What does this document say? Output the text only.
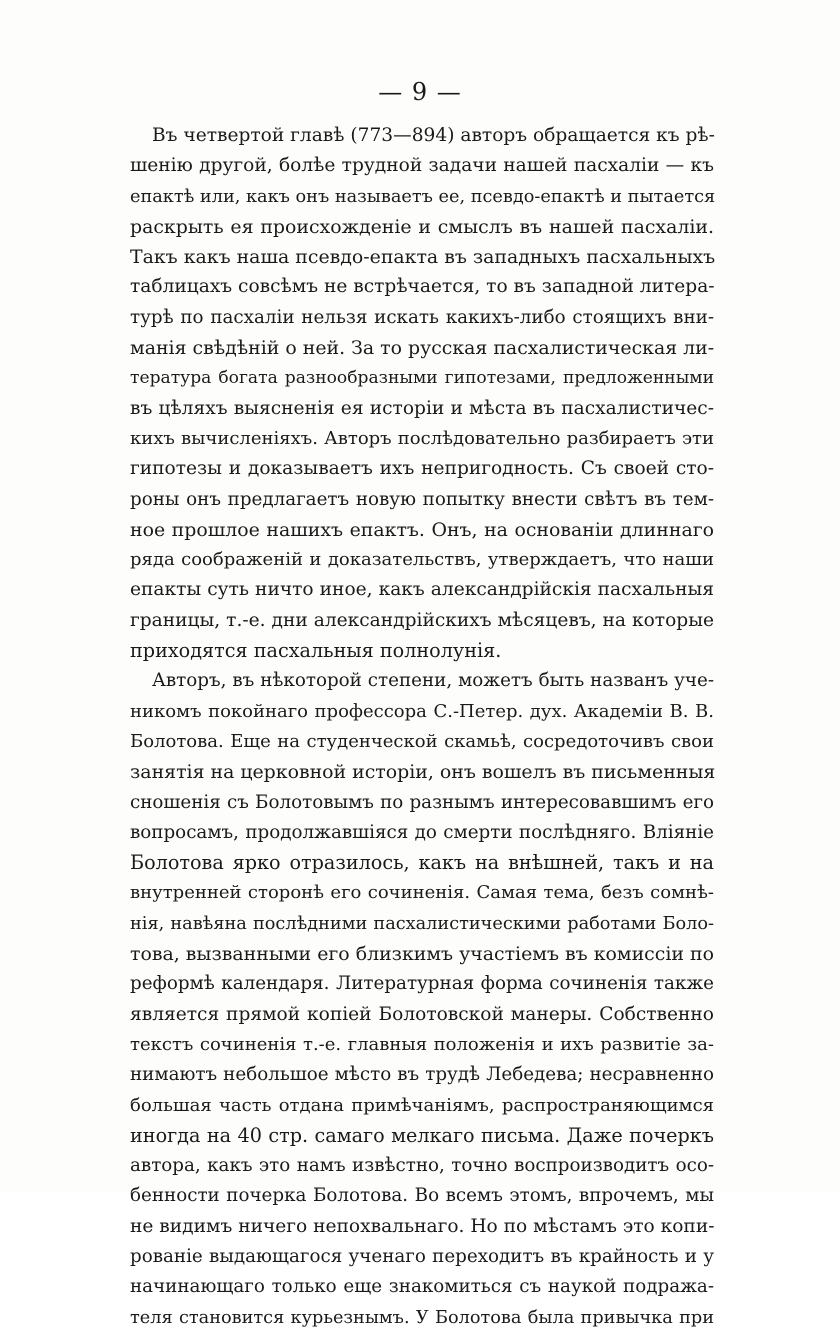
— 9 —
Въ четвертой главѣ (773—894) авторъ обращается къ рѣ-
шенію другой, болѣе трудной задачи нашей пасхаліи — къ
епактѣ или, какъ онъ называетъ ее, псевдо-епактѣ и пытается
раскрыть ея происхожденіе и смыслъ въ нашей пасхаліи.
Такъ какъ наша псевдо-епакта въ западныхъ пасхальныхъ
таблицахъ совсѣмъ не встрѣчается, то въ западной литера-
турѣ по пасхаліи нельзя искать какихъ-либо стоящихъ вни-
манія свѣдѣній о ней. За то русская пасхалистическая ли-
тература богата разнообразными гипотезами, предложенными
въ цѣляхъ выясненія ея исторіи и мѣста въ пасхалистичес-
кихъ вычисленіяхъ. Авторъ послѣдовательно разбираетъ эти
гипотезы и доказываетъ ихъ непригодность. Съ своей сто-
роны онъ предлагаетъ новую попытку внести свѣтъ въ тем-
ное прошлое нашихъ епактъ. Онъ, на основаніи длиннаго
ряда соображеній и доказательствъ, утверждаетъ, что наши
епакты суть ничто иное, какъ александрійскія пасхальныя
границы, т.-е. дни александрійскихъ мѣсяцевъ, на которые
приходятся пасхальныя полнолунія.
Авторъ, въ нѣкоторой степени, можетъ быть названъ уче-
никомъ покойнаго профессора С.-Петер. дух. Академіи В. В.
Болотова. Еще на студенческой скамьѣ, сосредоточивъ свои
занятія на церковной исторіи, онъ вошелъ въ письменныя
сношенія съ Болотовымъ по разнымъ интересовавшимъ его
вопросамъ, продолжавшіяся до смерти послѣдняго. Вліяніе
Болотова ярко отразилось, какъ на внѣшней, такъ и на
внутренней сторонѣ его сочиненія. Самая тема, безъ сомнѣ-
нія, навѣяна послѣдними пасхалистическими работами Боло-
това, вызванными его близкимъ участіемъ въ комиссіи по
реформѣ календаря. Литературная форма сочиненія также
является прямой копіей Болотовской манеры. Собственно
текстъ сочиненія т.-е. главныя положенія и ихъ развитіе за-
нимаютъ небольшое мѣсто въ трудѣ Лебедева; несравненно
большая часть отдана примѣчаніямъ, распространяющимся
иногда на 40 стр. самаго мелкаго письма. Даже почеркъ
автора, какъ это намъ извѣстно, точно воспроизводитъ осо-
бенности почерка Болотова. Во всемъ этомъ, впрочемъ, мы
не видимъ ничего непохвальнаго. Но по мѣстамъ это копи-
рованіе выдающагося ученаго переходитъ въ крайность и у
начинающаго только еще знакомиться съ наукой подража-
теля становится курьезнымъ. У Болотова была привычка при
